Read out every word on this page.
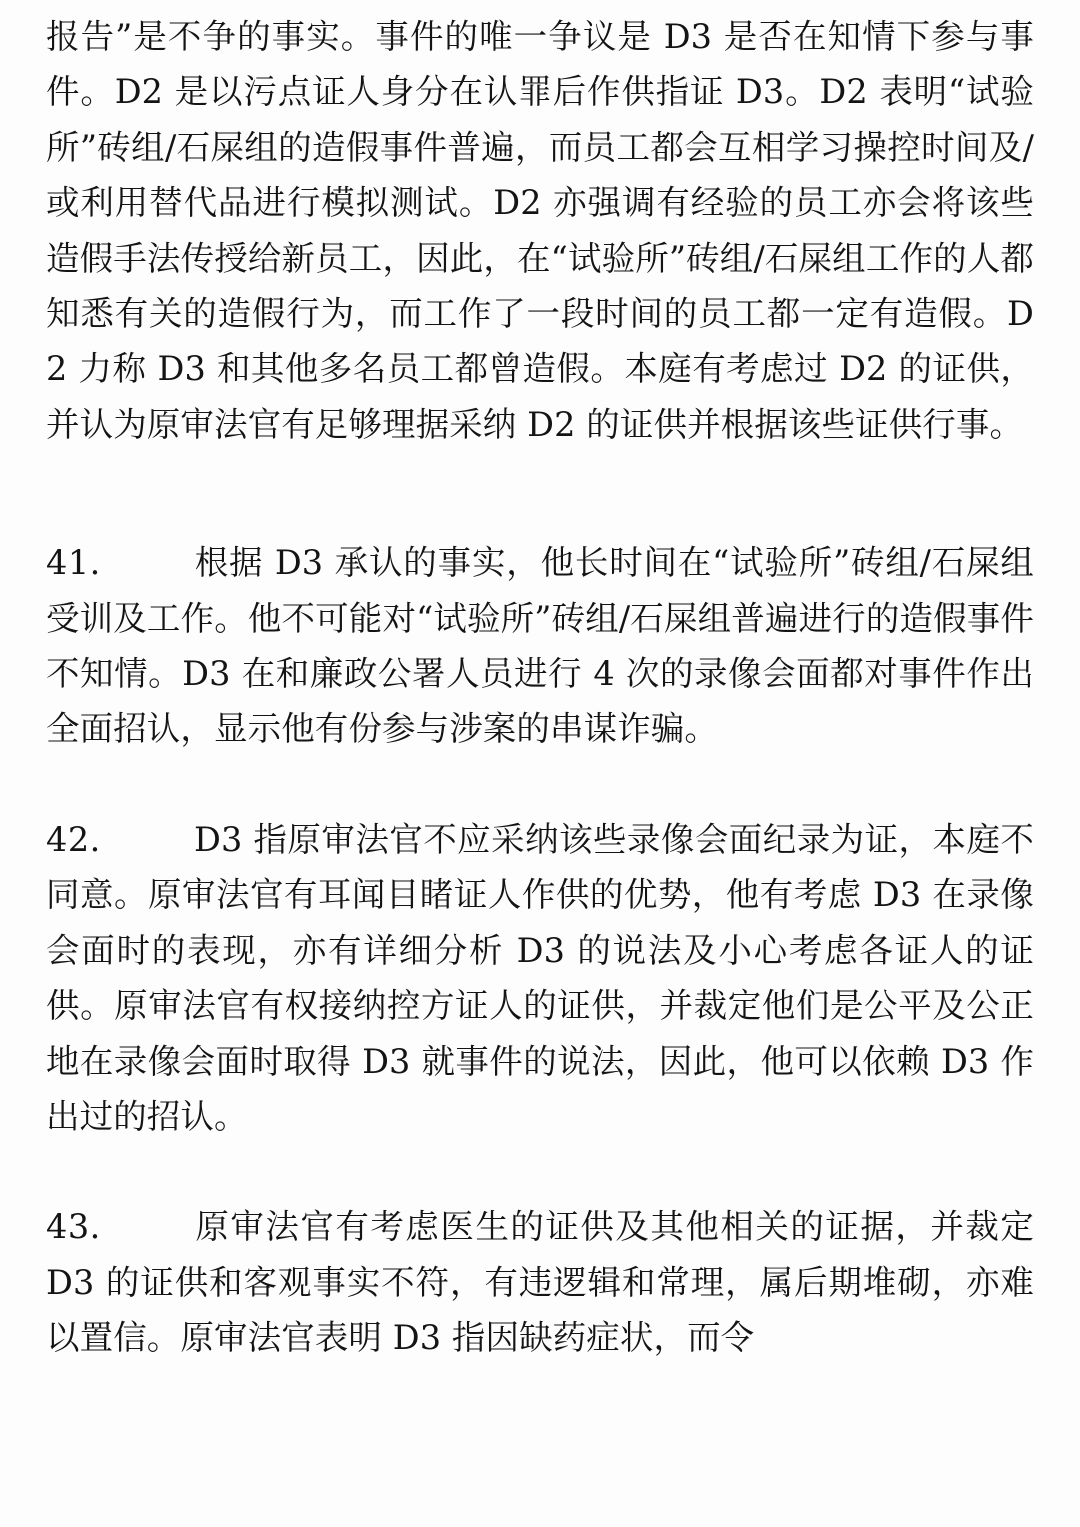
报告”是不争的事实。事件的唯一争议是 D3 是否在知情下参与事件。D2 是以污点证人身分在认罪后作供指证 D3。D2 表明“试验所”砖组/石屎组的造假事件普遍，而员工都会互相学习操控时间及/或利用替代品进行模拟测试。D2 亦强调有经验的员工亦会将该些造假手法传授给新员工，因此，在“试验所”砖组/石屎组工作的人都知悉有关的造假行为，而工作了一段时间的员工都一定有造假。D2 力称 D3 和其他多名员工都曾造假。本庭有考虑过 D2 的证供，并认为原审法官有足够理据采纳 D2 的证供并根据该些证供行事。

41.	根据 D3 承认的事实，他长时间在“试验所”砖组/石屎组受训及工作。他不可能对“试验所”砖组/石屎组普遍进行的造假事件不知情。D3 在和廉政公署人员进行 4 次的录像会面都对事件作出全面招认，显示他有份参与涉案的串谋诈骗。

42.	D3 指原审法官不应采纳该些录像会面纪录为证，本庭不同意。原审法官有耳闻目睹证人作供的优势，他有考虑 D3 在录像会面时的表现，亦有详细分析 D3 的说法及小心考虑各证人的证供。原审法官有权接纳控方证人的证供，并裁定他们是公平及公正地在录像会面时取得 D3 就事件的说法，因此，他可以依赖 D3 作出过的招认。

43.	原审法官有考虑医生的证供及其他相关的证据，并裁定 D3 的证供和客观事实不符，有违逻辑和常理，属后期堆砌，亦难以置信。原审法官表明 D3 指因缺药症状，而令
